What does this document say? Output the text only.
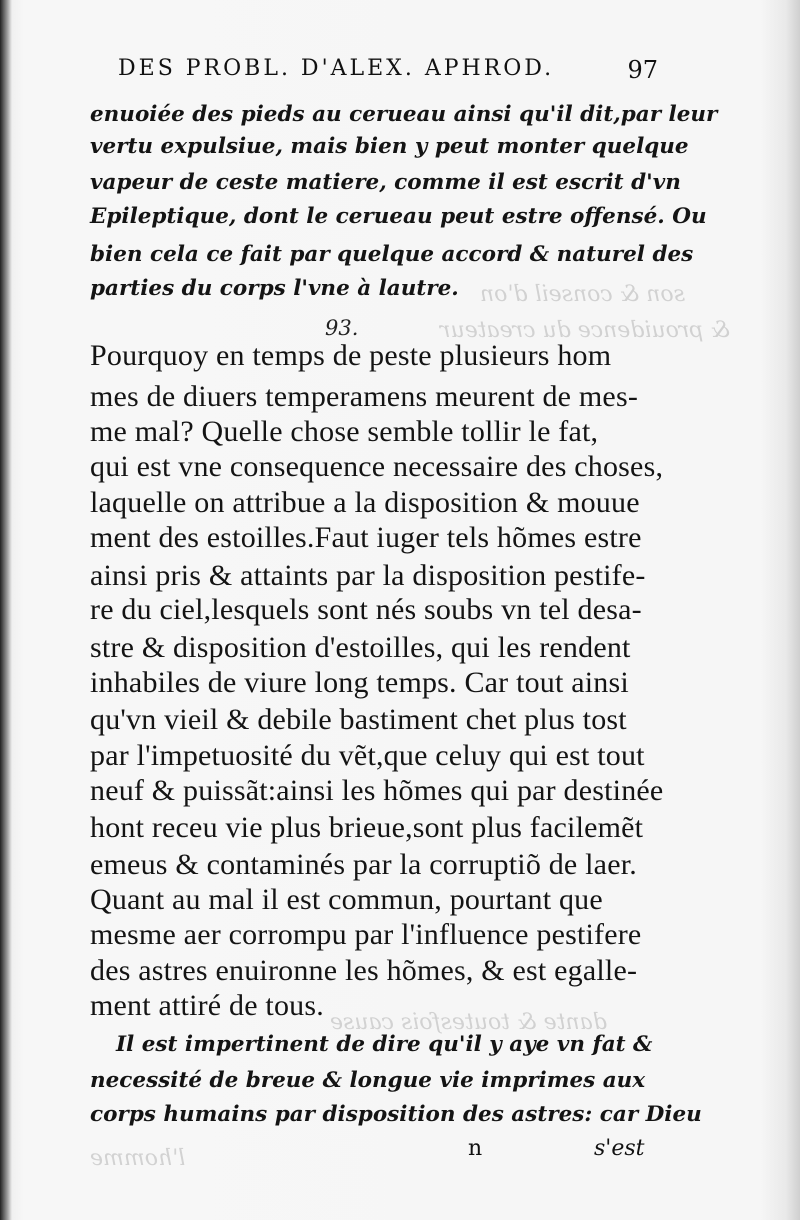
son & conseil d'on
& prouidence du createur
dante & toutesfois cause
l'homme
DES PROBL. D'ALEX. APHROD.	97
enuoiée des pieds au cerueau ainsi qu'il dit,par leur
vertu expulsiue, mais bien y peut monter quelque
vapeur de ceste matiere, comme il est escrit d'vn
Epileptique, dont le cerueau peut estre offensé. Ou
bien cela ce fait par quelque accord & naturel des
parties du corps l'vne à lautre.
93.
Pourquoy en temps de peste plusieurs hom
mes de diuers temperamens meurent de mes-
me mal? Quelle chose semble tollir le fat,
qui est vne consequence necessaire des choses,
laquelle on attribue a la disposition & mouue
ment des estoilles.Faut iuger tels hõmes estre
ainsi pris & attaints par la disposition pestife-
re du ciel,lesquels sont nés soubs vn tel desa-
stre & disposition d'estoilles, qui les rendent
inhabiles de viure long temps. Car tout ainsi
qu'vn vieil & debile bastiment chet plus tost
par l'impetuosité du vẽt,que celuy qui est tout
neuf & puissãt:ainsi les hõmes qui par destinée
hont receu vie plus brieue,sont plus facilemẽt
emeus & contaminés par la corruptiõ de laer.
Quant au mal il est commun, pourtant que
mesme aer corrompu par l'influence pestifere
des astres enuironne les hõmes, & est egalle-
ment attiré de tous.
Il est impertinent de dire qu'il y aye vn fat &
necessité de breue & longue vie imprimes aux
corps humains par disposition des astres: car Dieu
n	s'est
